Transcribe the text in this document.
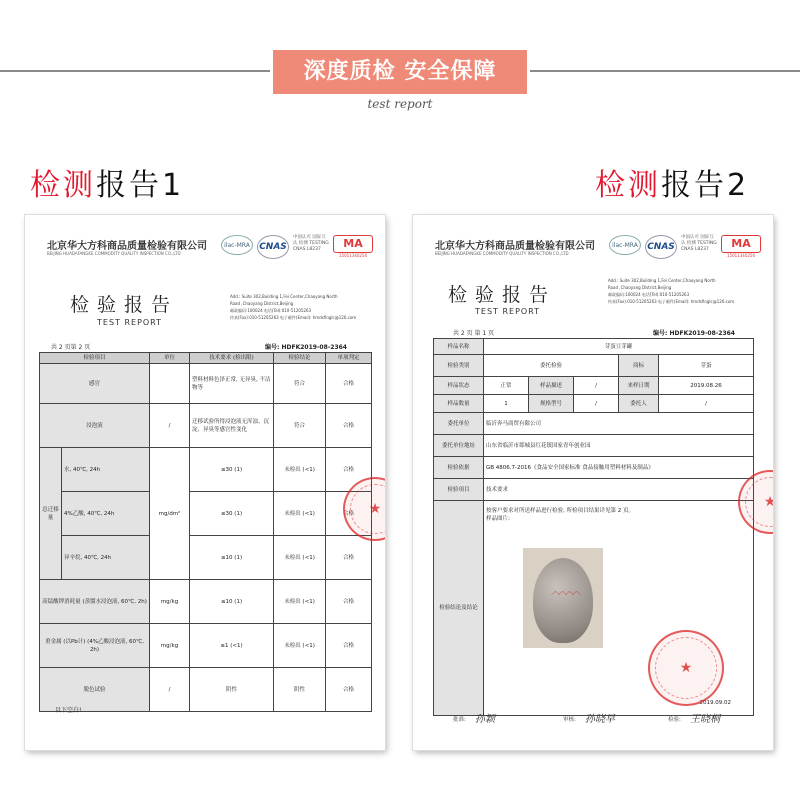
深度质检 安全保障
test report
检测报告1	检测报告2
北京华大方科商品质量检验有限公司
BEIJING HUADAFANGKE COMMODITY QUALITY INSPECTION CO.,LTD
ilac-MRA	CNAS
中国认可 国际互认 检测 TESTING
CNAS L8237	MA
15011340256
检验报告
TEST REPORT
Add.: Suite 302,Building 1,Fei Center,Chaoyang North
Road ,Chaoyang District,Beijing
邮政编码:100024 电话(Tel):010-51205263
传真(Fax):010-51205263 电子邮件(Email): hmdsfinglc@126.com
共 2 页第 2 页	编号: HDFK2019-08-2364
检验项目		单位	技术要求 (检出限)	检验结论	单项判定
感官			塑料材料色泽正常, 无异臭, 不洁物等	符合	合格
浸泡液		/	迁移试验所得浸泡液无浑浊、沉淀、异臭等感官性变化	符合	合格
总迁移量	水, 40℃, 24h	mg/dm²	≤30 (1)	未检出 (<1)	合格
	4%乙酸, 40℃, 24h		≤30 (1)	未检出 (<1)	合格
	异辛烷, 40℃, 24h		≤10 (1)	未检出 (<1)	合格
高锰酸钾消耗量 (蒸馏水浸泡液, 60℃, 2h)		mg/kg	≤10 (1)	未检出 (<1)	合格
重金属 (以Pb计) (4%乙酸浸泡液, 60℃, 2h)		mg/kg	≤1 (<1)	未检出 (<1)	合格
脱色试验		/	阴性	阴性	合格
以下空白!
★
北京华大方科商品质量检验有限公司
BEIJING HUADAFANGKE COMMODITY QUALITY INSPECTION CO.,LTD
ilac-MRA	CNAS
中国认可 国际互认 检测 TESTING
CNAS L8237	MA
15011340256
检验报告
TEST REPORT
Add.: Suite 302,Building 1,Fei Center,Chaoyang North
Road ,Chaoyang District,Beijing
邮政编码:100024 电话(Tel):010-51205263
传真(Fax):010-51205263 电子邮件(Email): hmdsfinglc@126.com
共 2 页 第 1 页	编号: HDFK2019-08-2364
样品名称	芽蛋豆芽罐				
检验类别	委托检验			商标	芽蛋
样品状态	正常	样品描述	/	来样日期	2019.08.26
样品数量	1	规格型号	/	委托人	/
委托单位	临沂奔马商贸有限公司				
委托单位地址	山东省临沂市郯城县红花镇国家青年创业园				
检验依据	GB 4806.7-2016《食品安全国家标准 食品接触用塑料材料及制品》				
检验项目	技术要求				
检验结论及结论	按客户要求对所送样品进行检验, 所检项目结果详见第 2 页。
样品图片:
2019.09.02				
︿︿︿︿
★
★
批准: 孙颖	审核: 孙晓早	检验: 王晓桐
